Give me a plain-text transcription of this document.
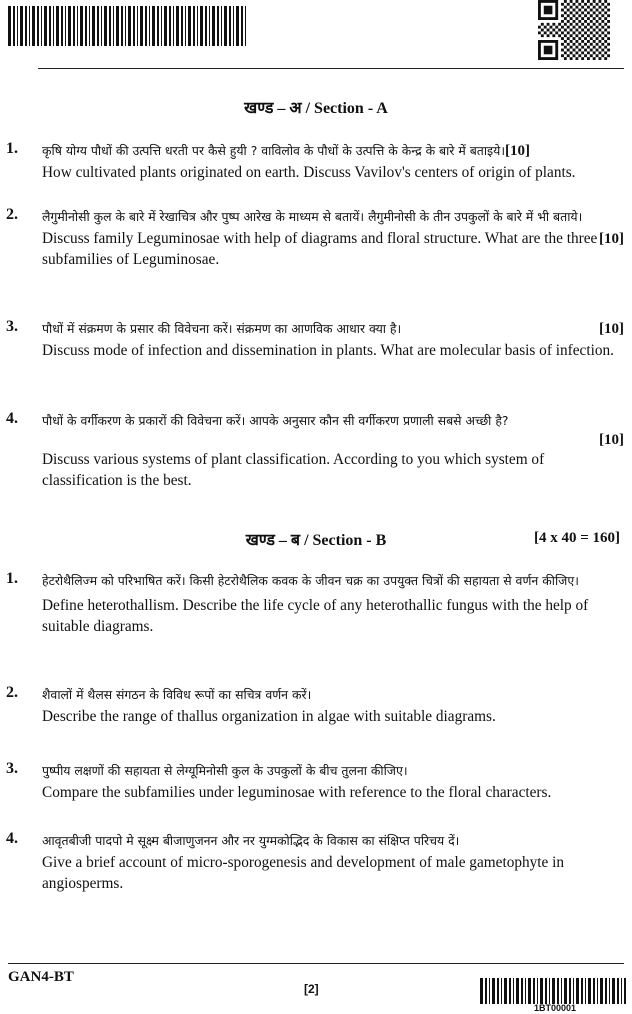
खण्ड – अ / Section - A
1. कृषि योग्य पौधों की उत्पत्ति धरती पर कैसे हुयी ? वाविलोव के पौधों के उत्पत्ति के केन्द्र के बारे में बताइये।[10]
How cultivated plants originated on earth. Discuss Vavilov's centers of origin of plants.
2.
[10]
लैगुमीनोसी कुल के बारे में रेखाचित्र और पुष्प आरेख के माध्यम से बतायें। लैगुमीनोसी के तीन उपकुलों के बारे में भी बताये।
Discuss family Leguminosae with help of diagrams and floral structure. What are the three subfamilies of Leguminosae.
3.	[10]
पौधों में संक्रमण के प्रसार की विवेचना करें। संक्रमण का आणविक आधार क्या है।
Discuss mode of infection and dissemination in plants. What are molecular basis of infection.
4. पौधों के वर्गीकरण के प्रकारों की विवेचना करें। आपके अनुसार कौन सी वर्गीकरण प्रणाली सबसे अच्छी है?
[10]
Discuss various systems of plant classification. According to you which system of classification is the best.
खण्ड – ब / Section - B	[4 x 40 = 160]
1. हेटरोथैलिज्म को परिभाषित करें। किसी हेटरोथैलिक कवक के जीवन चक्र का उपयुक्त चित्रों की सहायता से वर्णन कीजिए।
Define heterothallism. Describe the life cycle of any heterothallic fungus with the help of suitable diagrams.
2. शैवालों में थैलस संगठन के विविध रूपों का सचित्र वर्णन करें।
Describe the range of thallus organization in algae with suitable diagrams.
3. पुष्पीय लक्षणों की सहायता से लेग्यूमिनोसी कुल के उपकुलों के बीच तुलना कीजिए।
Compare the subfamilies under leguminosae with reference to the floral characters.
4. आवृतबीजी पादपो मे सूक्ष्म बीजाणुजनन और नर युग्मकोद्भिद के विकास का संक्षिप्त परिचय दें।
Give a brief account of micro-sporogenesis and development of male gametophyte in angiosperms.
GAN4-BT
[2]
1BT00001
